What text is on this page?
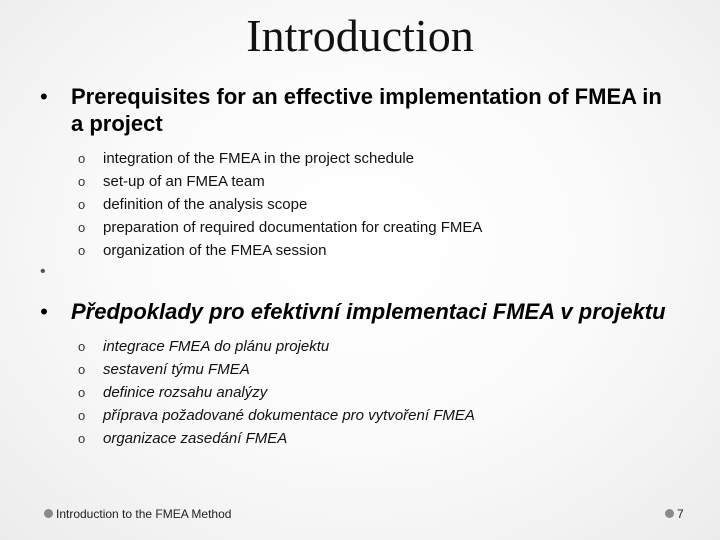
Introduction
• Prerequisites for an effective implementation of FMEA in a project
o integration of the FMEA in the project schedule
o set-up of an FMEA team
o definition of the analysis scope
o preparation of required documentation for creating FMEA
o organization of the FMEA session
•
• Předpoklady pro efektivní implementaci FMEA v projektu
o integrace FMEA do plánu projektu
o sestavení týmu FMEA
o definice rozsahu analýzy
o příprava požadované dokumentace pro vytvoření FMEA
o organizace zasedání FMEA
Introduction to the FMEA Method	7
